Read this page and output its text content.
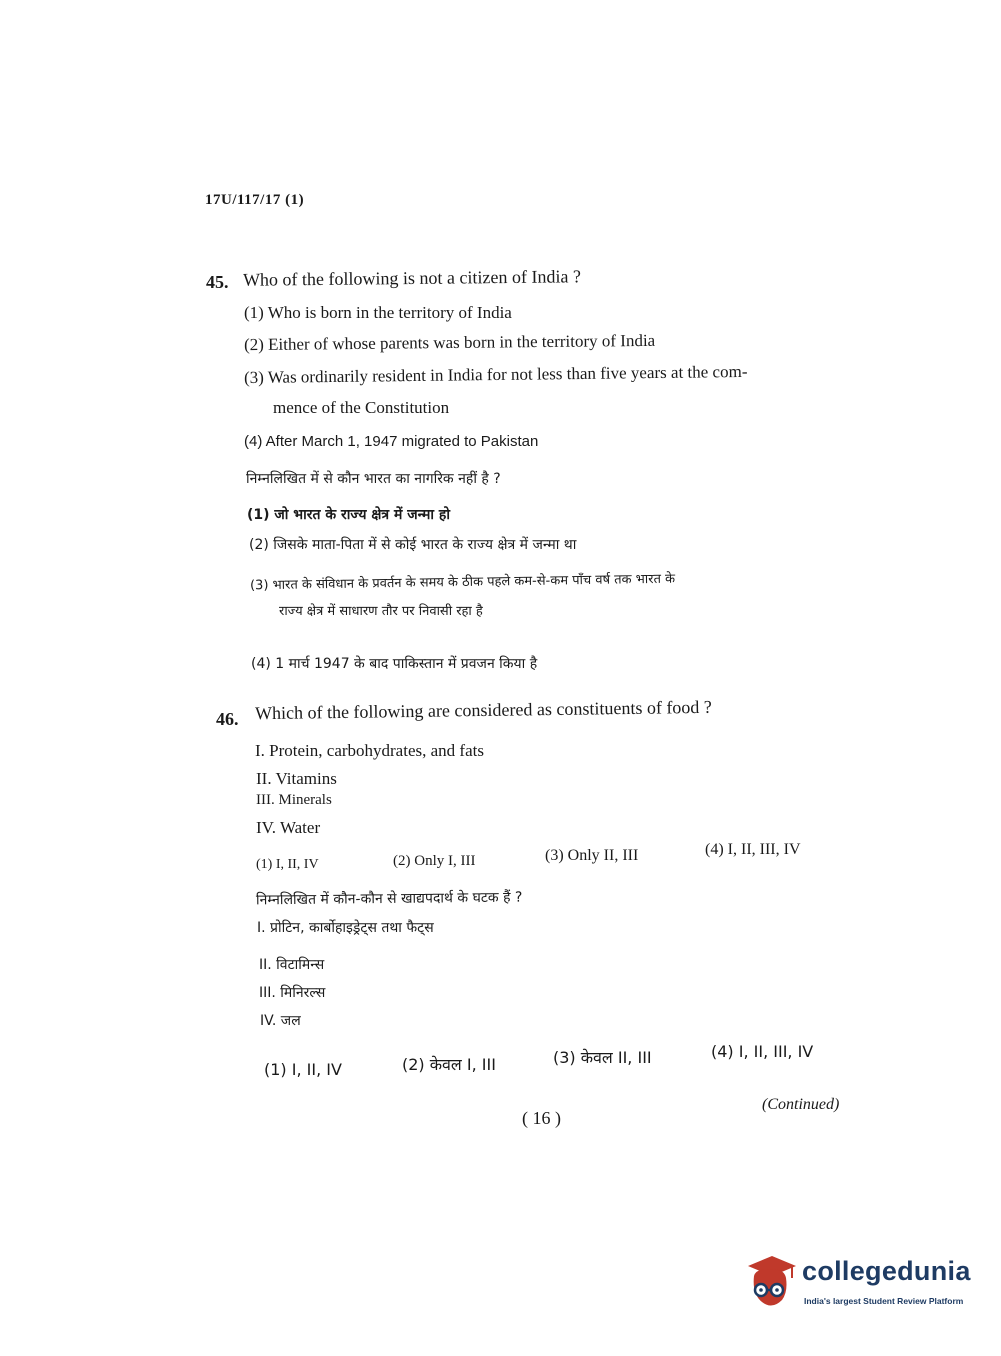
17U/117/17 (1)
45. Who of the following is not a citizen of India ?
(1) Who is born in the territory of India
(2) Either of whose parents was born in the territory of India
(3) Was ordinarily resident in India for not less than five years at the com-
mence of the Constitution
(4) After March 1, 1947 migrated to Pakistan
निम्नलिखित में से कौन भारत का नागरिक नहीं है ?
(1) जो भारत के राज्य क्षेत्र में जन्मा हो
(2) जिसके माता-पिता में से कोई भारत के राज्य क्षेत्र में जन्मा था
(3) भारत के संविधान के प्रवर्तन के समय के ठीक पहले कम-से-कम पाँच वर्ष तक भारत के
राज्य क्षेत्र में साधारण तौर पर निवासी रहा है
(4) 1 मार्च 1947 के बाद पाकिस्तान में प्रवजन किया है
46. Which of the following are considered as constituents of food ?
I. Protein, carbohydrates, and fats
II. Vitamins
III. Minerals
IV. Water
(1) I, II, IV	(2) Only I, III	(3) Only II, III	(4) I, II, III, IV
निम्नलिखित में कौन-कौन से खाद्यपदार्थ के घटक हैं ?
I. प्रोटिन, कार्बोहाइड्रेट्स तथा फैट्स
II. विटामिन्स
III. मिनिरल्स
IV. जल
(1) I, II, IV	(2) केवल I, III	(3) केवल II, III	(4) I, II, III, IV
( 16 )
(Continued)
collegedunia
India's largest Student Review Platform
